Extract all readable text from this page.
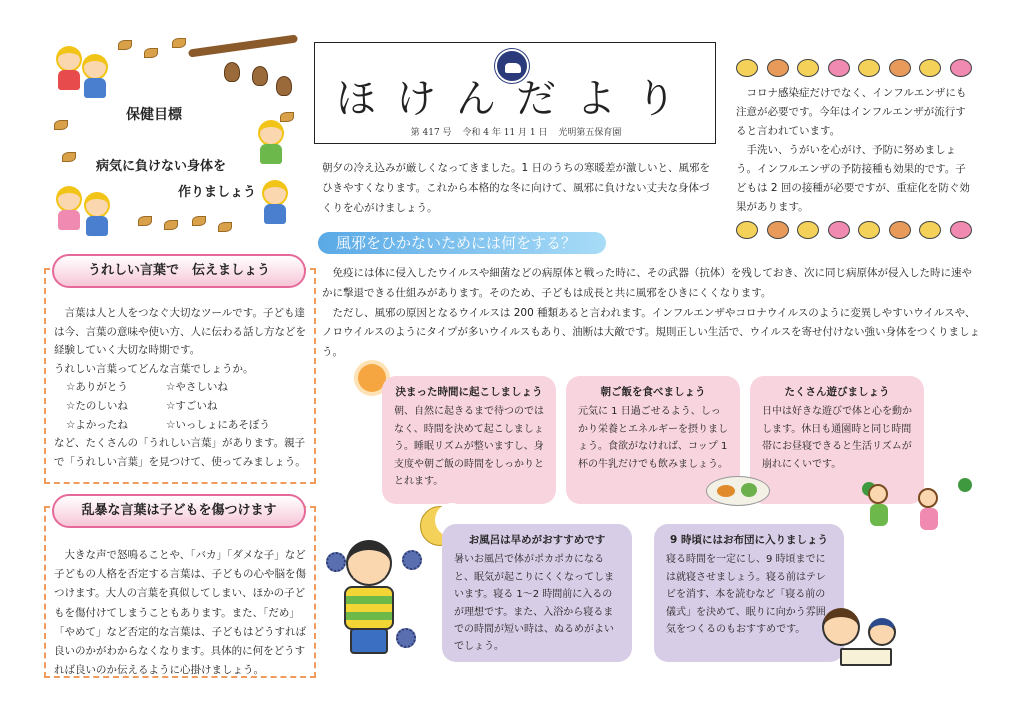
保健目標
病気に負けない身体を
作りましょう
ほけんだより
第 417 号 令和 4 年 11 月 1 日 光明第五保育園

朝夕の冷え込みが厳しくなってきました。1 日のうちの寒暖差が激しいと、風邪をひきやすくなります。これから本格的な冬に向けて、風邪に負けない丈夫な身体づくりを心がけましょう。

コロナ感染症だけでなく、インフルエンザにも注意が必要です。今年はインフルエンザが流行すると言われています。

手洗い、うがいを心がけ、予防に努めましょう。インフルエンザの予防接種も効果的です。子どもは 2 回の接種が必要ですが、重症化を防ぐ効果があります。

うれしい言葉で　伝えましょう

言葉は人と人をつなぐ大切なツールです。子ども達は今、言葉の意味や使い方、人に伝わる話し方などを経験していく大切な時期です。

うれしい言葉ってどんな言葉でしょうか。

☆ありがとう	☆やさしいね
☆たのしいね	☆すごいね
☆よかったね	☆いっしょにあそぼう

など、たくさんの「うれしい言葉」があります。親子で「うれしい言葉」を見つけて、使ってみましょう。

乱暴な言葉は子どもを傷つけます

大きな声で怒鳴ることや、「バカ」「ダメな子」など子どもの人格を否定する言葉は、子どもの心や脳を傷つけます。大人の言葉を真似してしまい、ほかの子どもを傷付けてしまうこともあります。また、「だめ」「やめて」など否定的な言葉は、子どもはどうすれば良いのかがわからなくなります。具体的に何をどうすれば良いのか伝えるように心掛けましょう。

風邪をひかないためには何をする？

免疫には体に侵入したウイルスや細菌などの病原体と戦った時に、その武器（抗体）を残しておき、次に同じ病原体が侵入した時に速やかに撃退できる仕組みがあります。そのため、子どもは成長と共に風邪をひきにくくなります。

ただし、風邪の原因となるウイルスは 200 種類あると言われます。インフルエンザやコロナウイルスのように変異しやすいウイルスや、ノロウイルスのようにタイプが多いウイルスもあり、油断は大敵です。規則正しい生活で、ウイルスを寄せ付けない強い身体をつくりましょう。

決まった時間に起こしましょう
朝、自然に起きるまで待つのではなく、時間を決めて起こしましょう。睡眠リズムが整いますし、身支度や朝ご飯の時間をしっかりととれます。
朝ご飯を食べましょう
元気に 1 日過ごせるよう、しっかり栄養とエネルギーを摂りましょう。食欲がなければ、コップ 1 杯の牛乳だけでも飲みましょう。
たくさん遊びましょう
日中は好きな遊びで体と心を動かします。休日も通園時と同じ時間帯にお昼寝できると生活リズムが崩れにくいです。
お風呂は早めがおすすめです
暑いお風呂で体がポカポカになると、眠気が起こりにくくなってしまいます。寝る 1～2 時間前に入るのが理想です。また、入浴から寝るまでの時間が短い時は、ぬるめがよいでしょう。
9 時頃にはお布団に入りましょう
寝る時間を一定にし、9 時頃までには就寝させましょう。寝る前はテレビを消す、本を読むなど「寝る前の儀式」を決めて、眠りに向かう雰囲気をつくるのもおすすめです。
